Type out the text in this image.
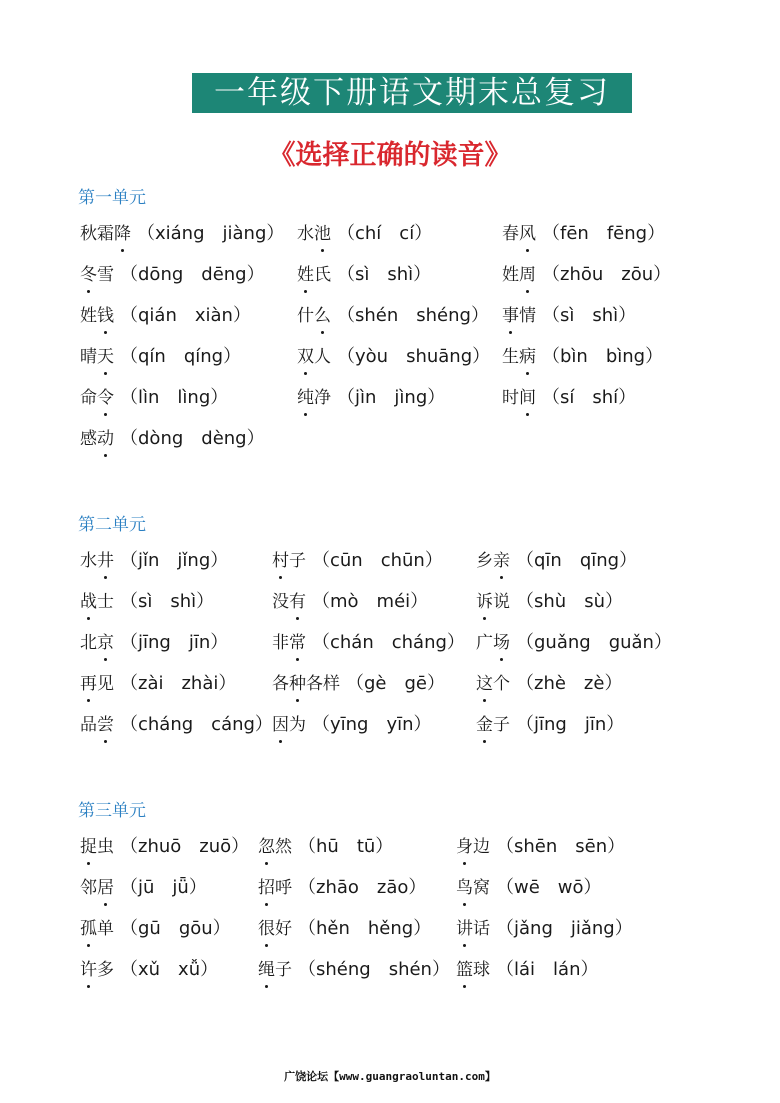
一年级下册语文期末总复习
《选择正确的读音》
第一单元
秋霜降 （xiáng　jiàng） 水池 （chí　cí）	春风 （fēn　fēng）
冬雪 （dōng　dēng） 姓氏 （sì　shì）	姓周 （zhōu　zōu）
姓钱 （qián　xiàn）	什么 （shén　shéng） 事情 （sì　shì）
晴天 （qín　qíng）	双人 （yòu　shuāng） 生病 （bìn　bìng）
命令 （lìn　lìng）	纯净 （jìn　jìng）	时间 （sí　shí）
感动 （dòng　dèng）
第二单元
水井 （jǐn　jǐng）	村子 （cūn　chūn） 乡亲 （qīn　qīng）
战士 （sì　shì）	没有 （mò　méi）	诉说 （shù　sù）
北京 （jīng　jīn）	非常 （chán　cháng） 广场 （guǎng　guǎn）
再见 （zài　zhài） 各种各样 （gè　gē） 这个 （zhè　zè）
品尝 （cháng　cáng） 因为 （yīng　yīn）	金子 （jīng　jīn）
第三单元
捉虫 （zhuō　zuō） 忽然 （hū　tū）	身边 （shēn　sēn）
邻居 （jū　jǖ）	招呼 （zhāo　zāo） 鸟窝 （wē　wō）
孤单 （gū　gōu） 很好 （hěn　hěng） 讲话 （jǎng　jiǎng）
许多 （xǔ　xǚ） 绳子 （shéng　shén） 篮球 （lái　lán）
广饶论坛【www.guangraoluntan.com】
